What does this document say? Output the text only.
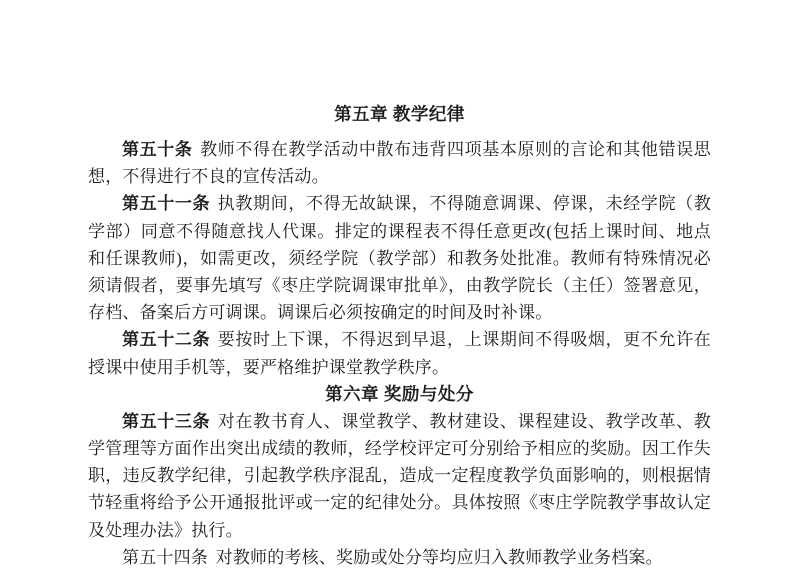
第五章 教学纪律

第五十条 教师不得在教学活动中散布违背四项基本原则的言论和其他错误思想，不得进行不良的宣传活动。

第五十一条 执教期间，不得无故缺课，不得随意调课、停课，未经学院（教学部）同意不得随意找人代课。排定的课程表不得任意更改(包括上课时间、地点和任课教师)，如需更改，须经学院（教学部）和教务处批准。教师有特殊情况必须请假者，要事先填写《枣庄学院调课审批单》，由教学院长（主任）签署意见，存档、备案后方可调课。调课后必须按确定的时间及时补课。

第五十二条 要按时上下课，不得迟到早退，上课期间不得吸烟，更不允许在授课中使用手机等，要严格维护课堂教学秩序。

第六章 奖励与处分

第五十三条 对在教书育人、课堂教学、教材建设、课程建设、教学改革、教学管理等方面作出突出成绩的教师，经学校评定可分别给予相应的奖励。因工作失职，违反教学纪律，引起教学秩序混乱，造成一定程度教学负面影响的，则根据情节轻重将给予公开通报批评或一定的纪律处分。具体按照《枣庄学院教学事故认定及处理办法》执行。

第五十四条 对教师的考核、奖励或处分等均应归入教师教学业务档案。
